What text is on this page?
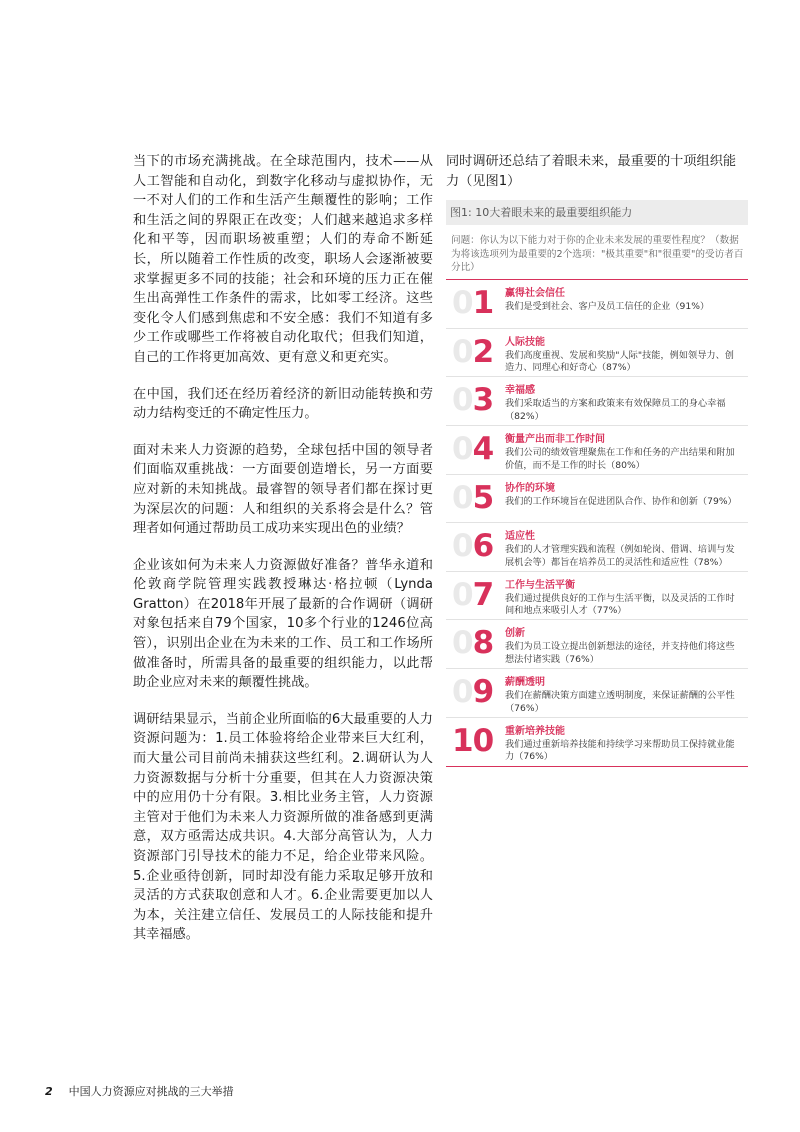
当下的市场充满挑战。在全球范围内，技术——从人工智能和自动化，到数字化移动与虚拟协作，无一不对人们的工作和生活产生颠覆性的影响；工作和生活之间的界限正在改变；人们越来越追求多样化和平等，因而职场被重塑；人们的寿命不断延长，所以随着工作性质的改变，职场人会逐渐被要求掌握更多不同的技能；社会和环境的压力正在催生出高弹性工作条件的需求，比如零工经济。这些变化令人们感到焦虑和不安全感：我们不知道有多少工作或哪些工作将被自动化取代；但我们知道，自己的工作将更加高效、更有意义和更充实。

在中国，我们还在经历着经济的新旧动能转换和劳动力结构变迁的不确定性压力。

面对未来人力资源的趋势，全球包括中国的领导者们面临双重挑战：一方面要创造增长，另一方面要应对新的未知挑战。最睿智的领导者们都在探讨更为深层次的问题：人和组织的关系将会是什么？管理者如何通过帮助员工成功来实现出色的业绩？

企业该如何为未来人力资源做好准备？普华永道和伦敦商学院管理实践教授琳达·格拉顿（Lynda Gratton）在2018年开展了最新的合作调研（调研对象包括来自79个国家，10多个行业的1246位高管），识别出企业在为未来的工作、员工和工作场所做准备时，所需具备的最重要的组织能力，以此帮助企业应对未来的颠覆性挑战。

调研结果显示，当前企业所面临的6大最重要的人力资源问题为：1.员工体验将给企业带来巨大红利，而大量公司目前尚未捕获这些红利。2.调研认为人力资源数据与分析十分重要，但其在人力资源决策中的应用仍十分有限。3.相比业务主管，人力资源主管对于他们为未来人力资源所做的准备感到更满意，双方亟需达成共识。4.大部分高管认为，人力资源部门引导技术的能力不足，给企业带来风险。5.企业亟待创新，同时却没有能力采取足够开放和灵活的方式获取创意和人才。6.企业需要更加以人为本，关注建立信任、发展员工的人际技能和提升其幸福感。

同时调研还总结了着眼未来，最重要的十项组织能力（见图1）

图1: 10大着眼未来的最重要组织能力

问题：你认为以下能力对于你的企业未来发展的重要性程度？（数据为将该选项列为最重要的2个选项："极其重要"和"很重要"的受访者百分比）
01	赢得社会信任
我们是受到社会、客户及员工信任的企业（91%）
02	人际技能
我们高度重视、发展和奖励"人际"技能，例如领导力、创造力、同理心和好奇心（87%）
03	幸福感
我们采取适当的方案和政策来有效保障员工的身心幸福（82%）
04	衡量产出而非工作时间
我们公司的绩效管理聚焦在工作和任务的产出结果和附加价值，而不是工作的时长（80%）
05	协作的环境
我们的工作环境旨在促进团队合作、协作和创新（79%）
06	适应性
我们的人才管理实践和流程（例如轮岗、借调、培训与发展机会等）都旨在培养员工的灵活性和适应性（78%）
07	工作与生活平衡
我们通过提供良好的工作与生活平衡，以及灵活的工作时间和地点来吸引人才（77%）
08	创新
我们为员工设立提出创新想法的途径，并支持他们将这些想法付诸实践（76%）
09	薪酬透明
我们在薪酬决策方面建立透明制度，来保证薪酬的公平性（76%）
10	重新培养技能
我们通过重新培养技能和持续学习来帮助员工保持就业能力（76%）
2 中国人力资源应对挑战的三大举措
